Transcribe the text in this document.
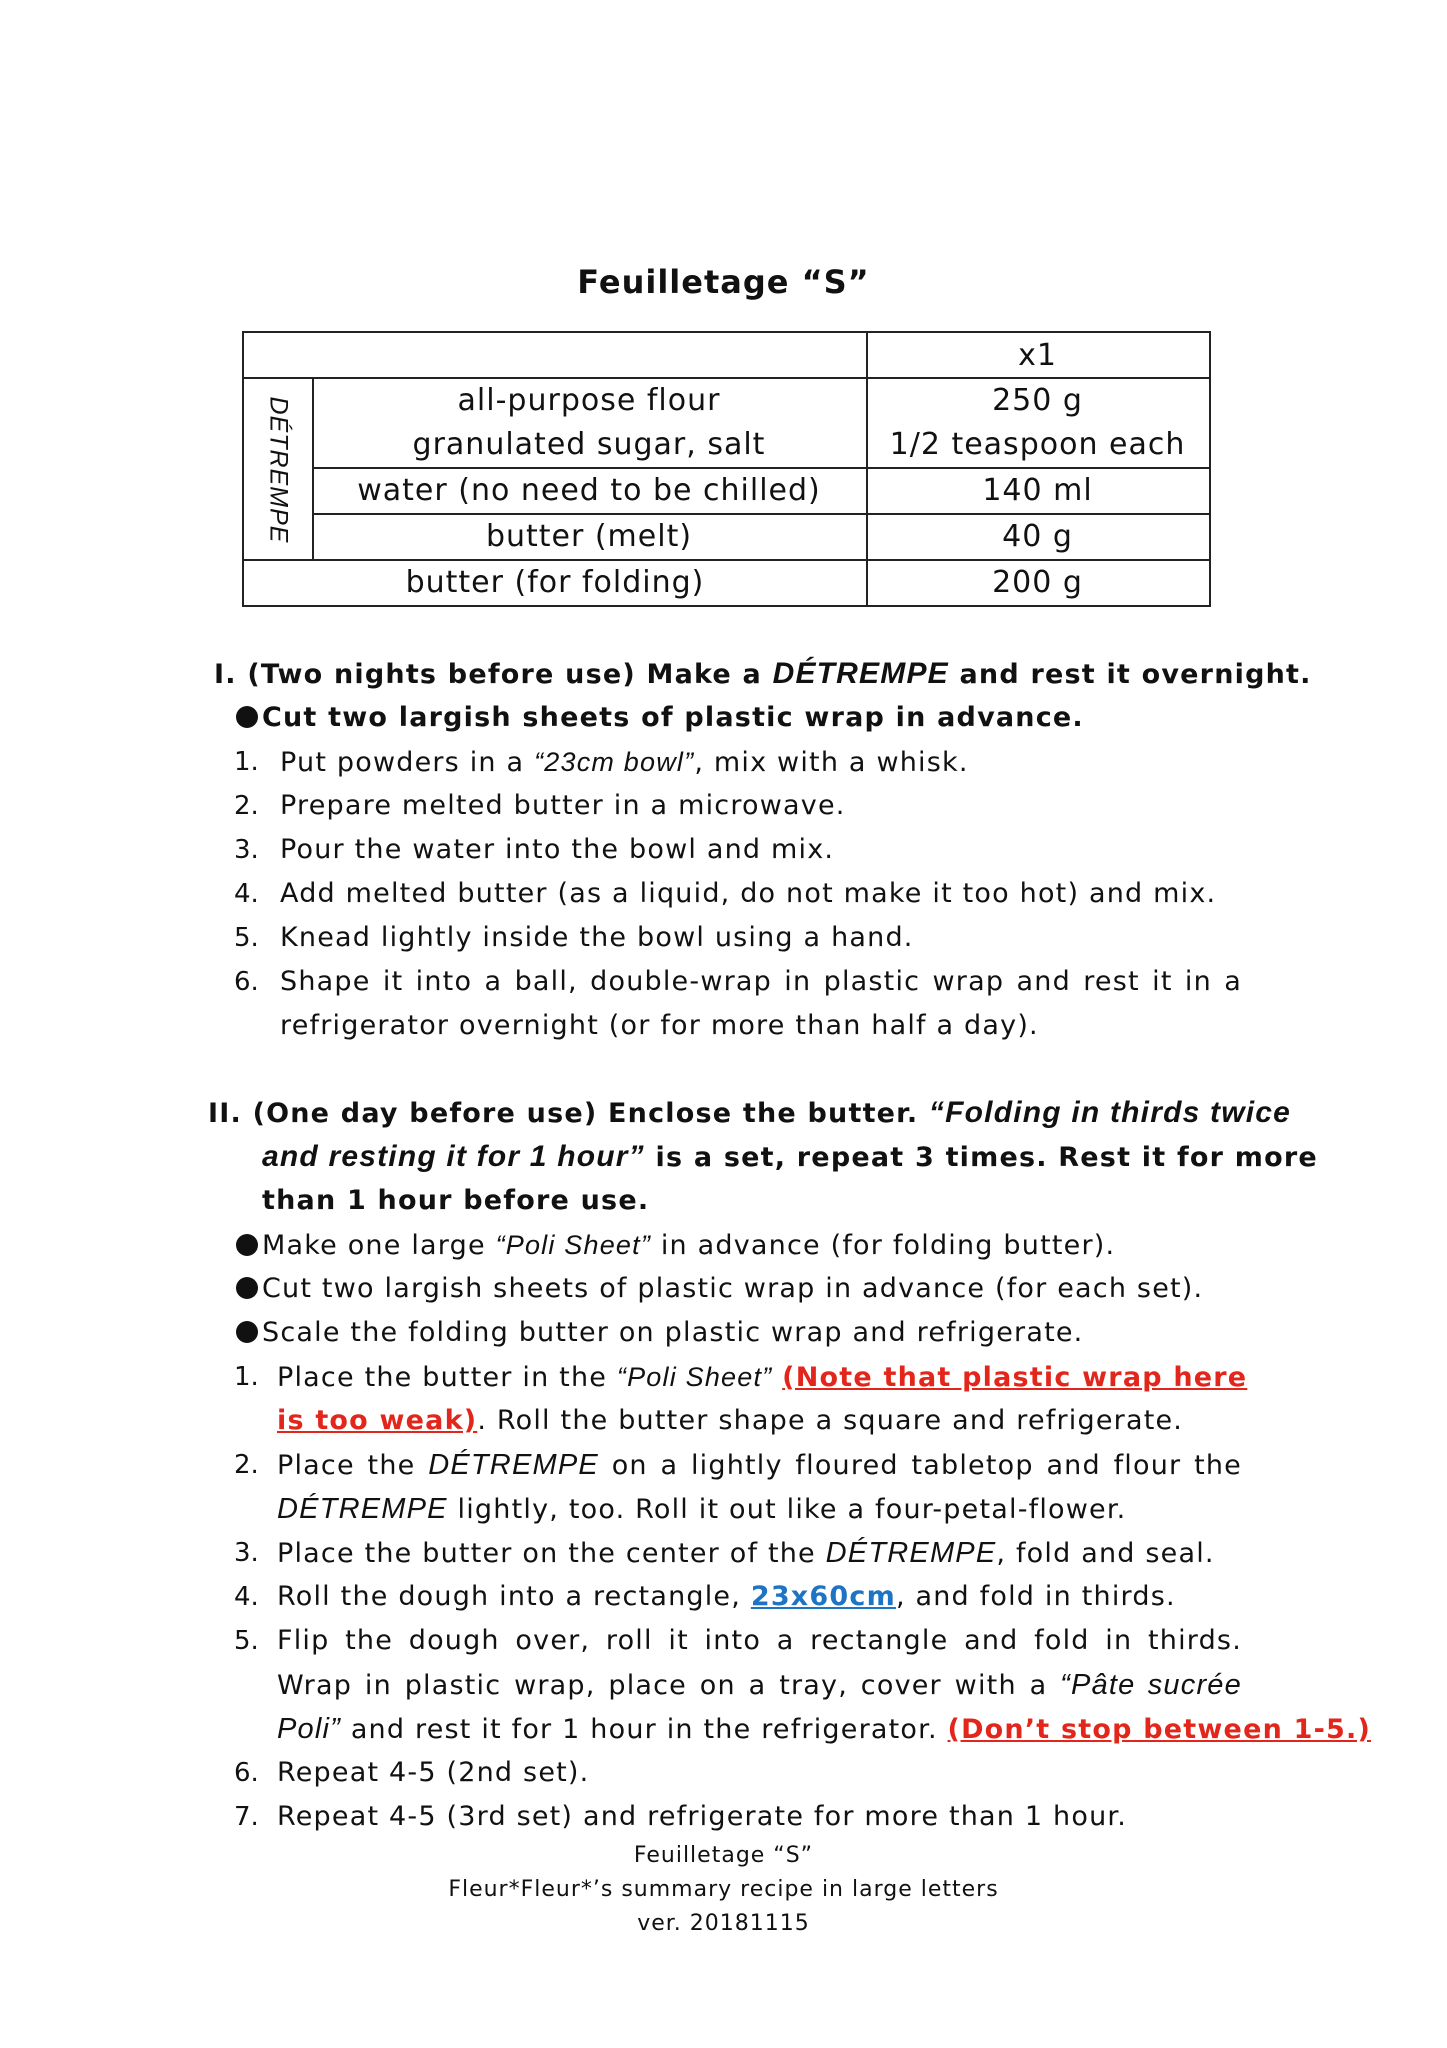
Feuilletage “S”
x1
DÉTREMPE	all-purpose flour	250 g
granulated sugar, salt	1/2 teaspoon each
water (no need to be chilled)	140 ml
butter (melt)	40 g
butter (for folding)	200 g
I. (Two nights before use) Make a DÉTREMPE and rest it overnight.
Cut two largish sheets of plastic wrap in advance.
1. Put powders in a “23cm bowl”, mix with a whisk.
2. Prepare melted butter in a microwave.
3. Pour the water into the bowl and mix.
4. Add melted butter (as a liquid, do not make it too hot) and mix.
5. Knead lightly inside the bowl using a hand.
6. Shape it into a ball, double-wrap in plastic wrap and rest it in a
refrigerator overnight (or for more than half a day).
II. (One day before use) Enclose the butter. “Folding in thirds twice
and resting it for 1 hour” is a set, repeat 3 times. Rest it for more
than 1 hour before use.
Make one large “Poli Sheet” in advance (for folding butter).
Cut two largish sheets of plastic wrap in advance (for each set).
Scale the folding butter on plastic wrap and refrigerate.
1. Place the butter in the “Poli Sheet” (Note that plastic wrap here
is too weak). Roll the butter shape a square and refrigerate.
2. Place the DÉTREMPE on a lightly floured tabletop and flour the
DÉTREMPE lightly, too. Roll it out like a four-petal-flower.
3. Place the butter on the center of the DÉTREMPE, fold and seal.
4. Roll the dough into a rectangle, 23x60cm, and fold in thirds.
5. Flip the dough over, roll it into a rectangle and fold in thirds.
Wrap in plastic wrap, place on a tray, cover with a “Pâte sucrée
Poli” and rest it for 1 hour in the refrigerator. (Don’t stop between 1-5.)
6. Repeat 4-5 (2nd set).
7. Repeat 4-5 (3rd set) and refrigerate for more than 1 hour.
Feuilletage “S”
Fleur*Fleur*’s summary recipe in large letters
ver. 20181115
